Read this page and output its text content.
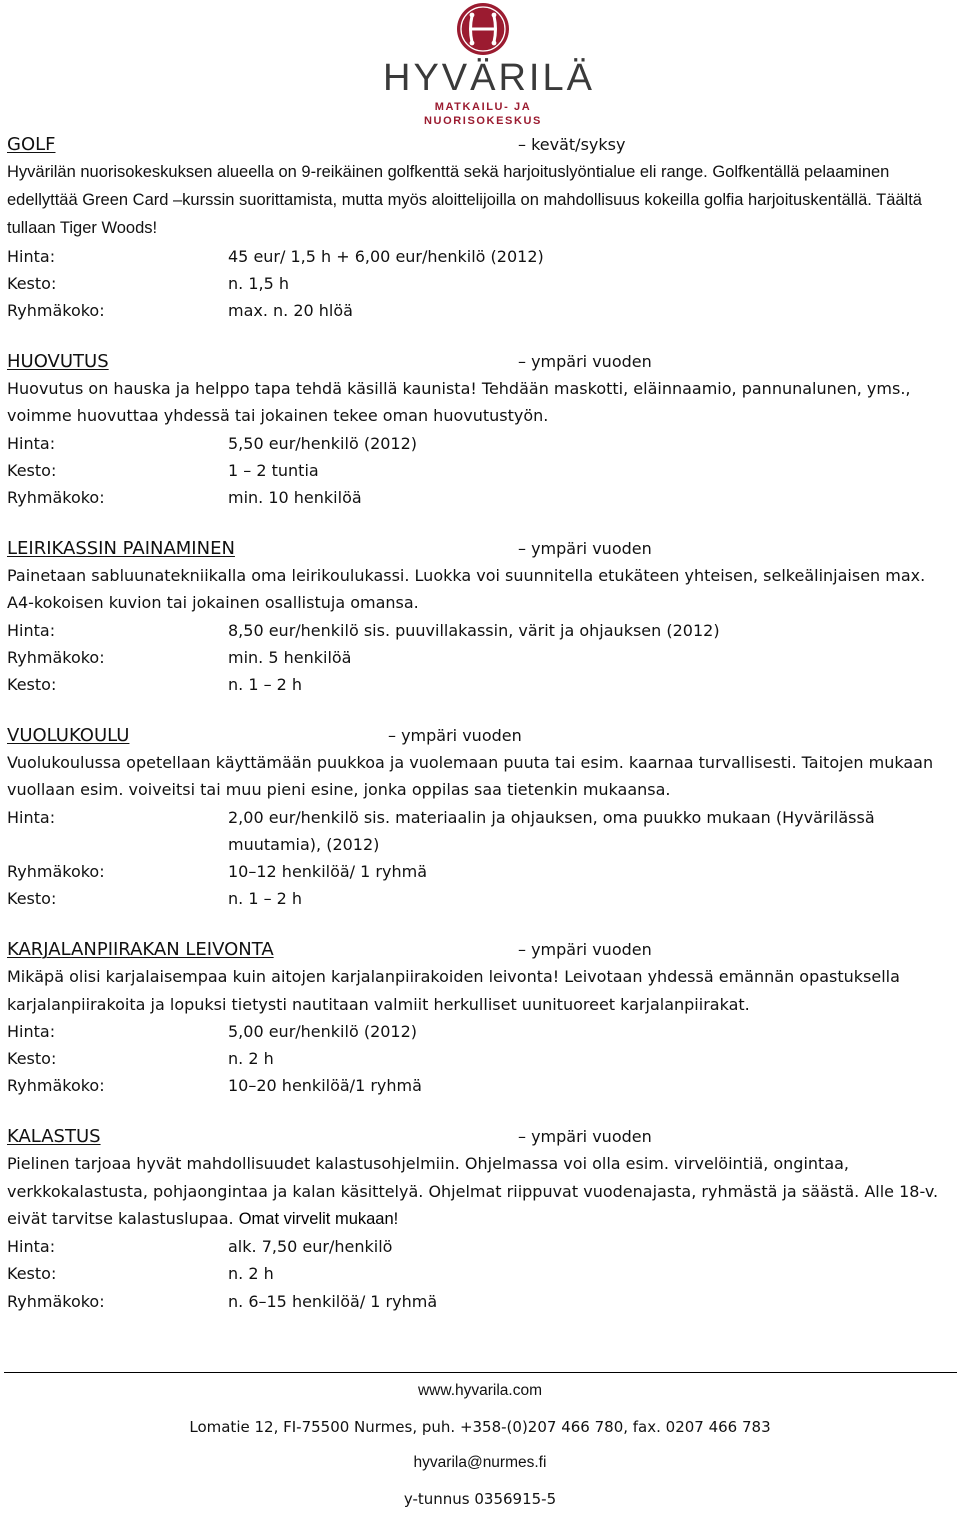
HYVÄRILÄ
MATKAILU- JA NUORISOKESKUS
GOLF	– kevät/syksy
Hyvärilän nuorisokeskuksen alueella on 9-reikäinen golfkenttä sekä harjoituslyöntialue eli range. Golfkentällä pelaaminen edellyttää Green Card –kurssin suorittamista, mutta myös aloittelijoilla on mahdollisuus kokeilla golfia harjoituskentällä. Täältä tullaan Tiger Woods!
Hinta:	45 eur/ 1,5 h + 6,00 eur/henkilö (2012)
Kesto:	n. 1,5 h
Ryhmäkoko:	max. n. 20 hlöä
HUOVUTUS	– ympäri vuoden
Huovutus on hauska ja helppo tapa tehdä käsillä kaunista! Tehdään maskotti, eläinnaamio, pannunalunen, yms., voimme huovuttaa yhdessä tai jokainen tekee oman huovutustyön.
Hinta:	5,50 eur/henkilö (2012)
Kesto:	1 – 2 tuntia
Ryhmäkoko:	min. 10 henkilöä
LEIRIKASSIN PAINAMINEN	– ympäri vuoden
Painetaan sabluunatekniikalla oma leirikoulukassi. Luokka voi suunnitella etukäteen yhteisen, selkeälinjaisen max. A4-kokoisen kuvion tai jokainen osallistuja omansa.
Hinta:	8,50 eur/henkilö sis. puuvillakassin, värit ja ohjauksen (2012)
Ryhmäkoko:	min. 5 henkilöä
Kesto:	n. 1 – 2 h
VUOLUKOULU	– ympäri vuoden
Vuolukoulussa opetellaan käyttämään puukkoa ja vuolemaan puuta tai esim. kaarnaa turvallisesti. Taitojen mukaan vuollaan esim. voiveitsi tai muu pieni esine, jonka oppilas saa tietenkin mukaansa.
Hinta:	2,00 eur/henkilö sis. materiaalin ja ohjauksen, oma puukko mukaan (Hyvärilässä muutamia), (2012)
Ryhmäkoko:	10–12 henkilöä/ 1 ryhmä
Kesto:	n. 1 – 2 h
KARJALANPIIRAKAN LEIVONTA	– ympäri vuoden
Mikäpä olisi karjalaisempaa kuin aitojen karjalanpiirakoiden leivonta! Leivotaan yhdessä emännän opastuksella karjalanpiirakoita ja lopuksi tietysti nautitaan valmiit herkulliset uunituoreet karjalanpiirakat.
Hinta:	5,00 eur/henkilö (2012)
Kesto:	n. 2 h
Ryhmäkoko:	10–20 henkilöä/1 ryhmä
KALASTUS	– ympäri vuoden
Pielinen tarjoaa hyvät mahdollisuudet kalastusohjelmiin. Ohjelmassa voi olla esim. virvelöintiä, ongintaa, verkkokalastusta, pohjaongintaa ja kalan käsittelyä. Ohjelmat riippuvat vuodenajasta, ryhmästä ja säästä. Alle 18-v. eivät tarvitse kalastuslupaa. Omat virvelit mukaan!
Hinta:	alk. 7,50 eur/henkilö
Kesto:	n. 2 h
Ryhmäkoko:	n. 6–15 henkilöä/ 1 ryhmä
www.hyvarila.com
Lomatie 12, FI-75500 Nurmes, puh. +358-(0)207 466 780, fax. 0207 466 783
hyvarila@nurmes.fi
y-tunnus 0356915-5
